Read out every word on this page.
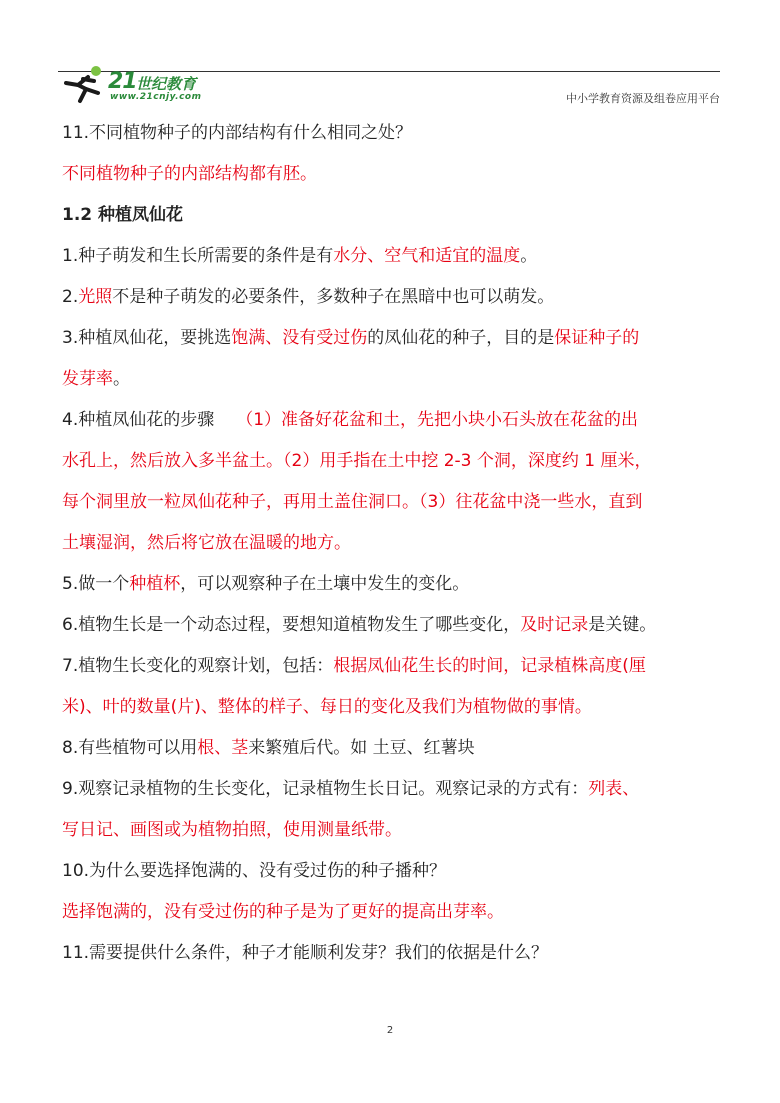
21 世纪教育
www.21cnjy.com	中小学教育资源及组卷应用平台
11.不同植物种子的内部结构有什么相同之处？
不同植物种子的内部结构都有胚。
1.2 种植凤仙花
1.种子萌发和生长所需要的条件是有水分、空气和适宜的温度。
2.光照不是种子萌发的必要条件，多数种子在黑暗中也可以萌发。
3.种植凤仙花，要挑选饱满、没有受过伤的凤仙花的种子，目的是保证种子的
发芽率。
4.种植凤仙花的步骤 （1）准备好花盆和土，先把小块小石头放在花盆的出
水孔上，然后放入多半盆土。（2）用手指在土中挖 2-3 个洞，深度约 1 厘米，
每个洞里放一粒凤仙花种子，再用土盖住洞口。（3）往花盆中浇一些水，直到
土壤湿润，然后将它放在温暖的地方。
5.做一个种植杯，可以观察种子在土壤中发生的变化。
6.植物生长是一个动态过程，要想知道植物发生了哪些变化，及时记录是关键。
7.植物生长变化的观察计划，包括：根据凤仙花生长的时间，记录植株高度(厘
米)、叶的数量(片)、整体的样子、每日的变化及我们为植物做的事情。
8.有些植物可以用根、茎来繁殖后代。如 土豆、红薯块
9.观察记录植物的生长变化，记录植物生长日记。观察记录的方式有：列表、
写日记、画图或为植物拍照，使用测量纸带。
10.为什么要选择饱满的、没有受过伤的种子播种？
选择饱满的，没有受过伤的种子是为了更好的提高出芽率。
11.需要提供什么条件，种子才能顺利发芽？我们的依据是什么？
2
